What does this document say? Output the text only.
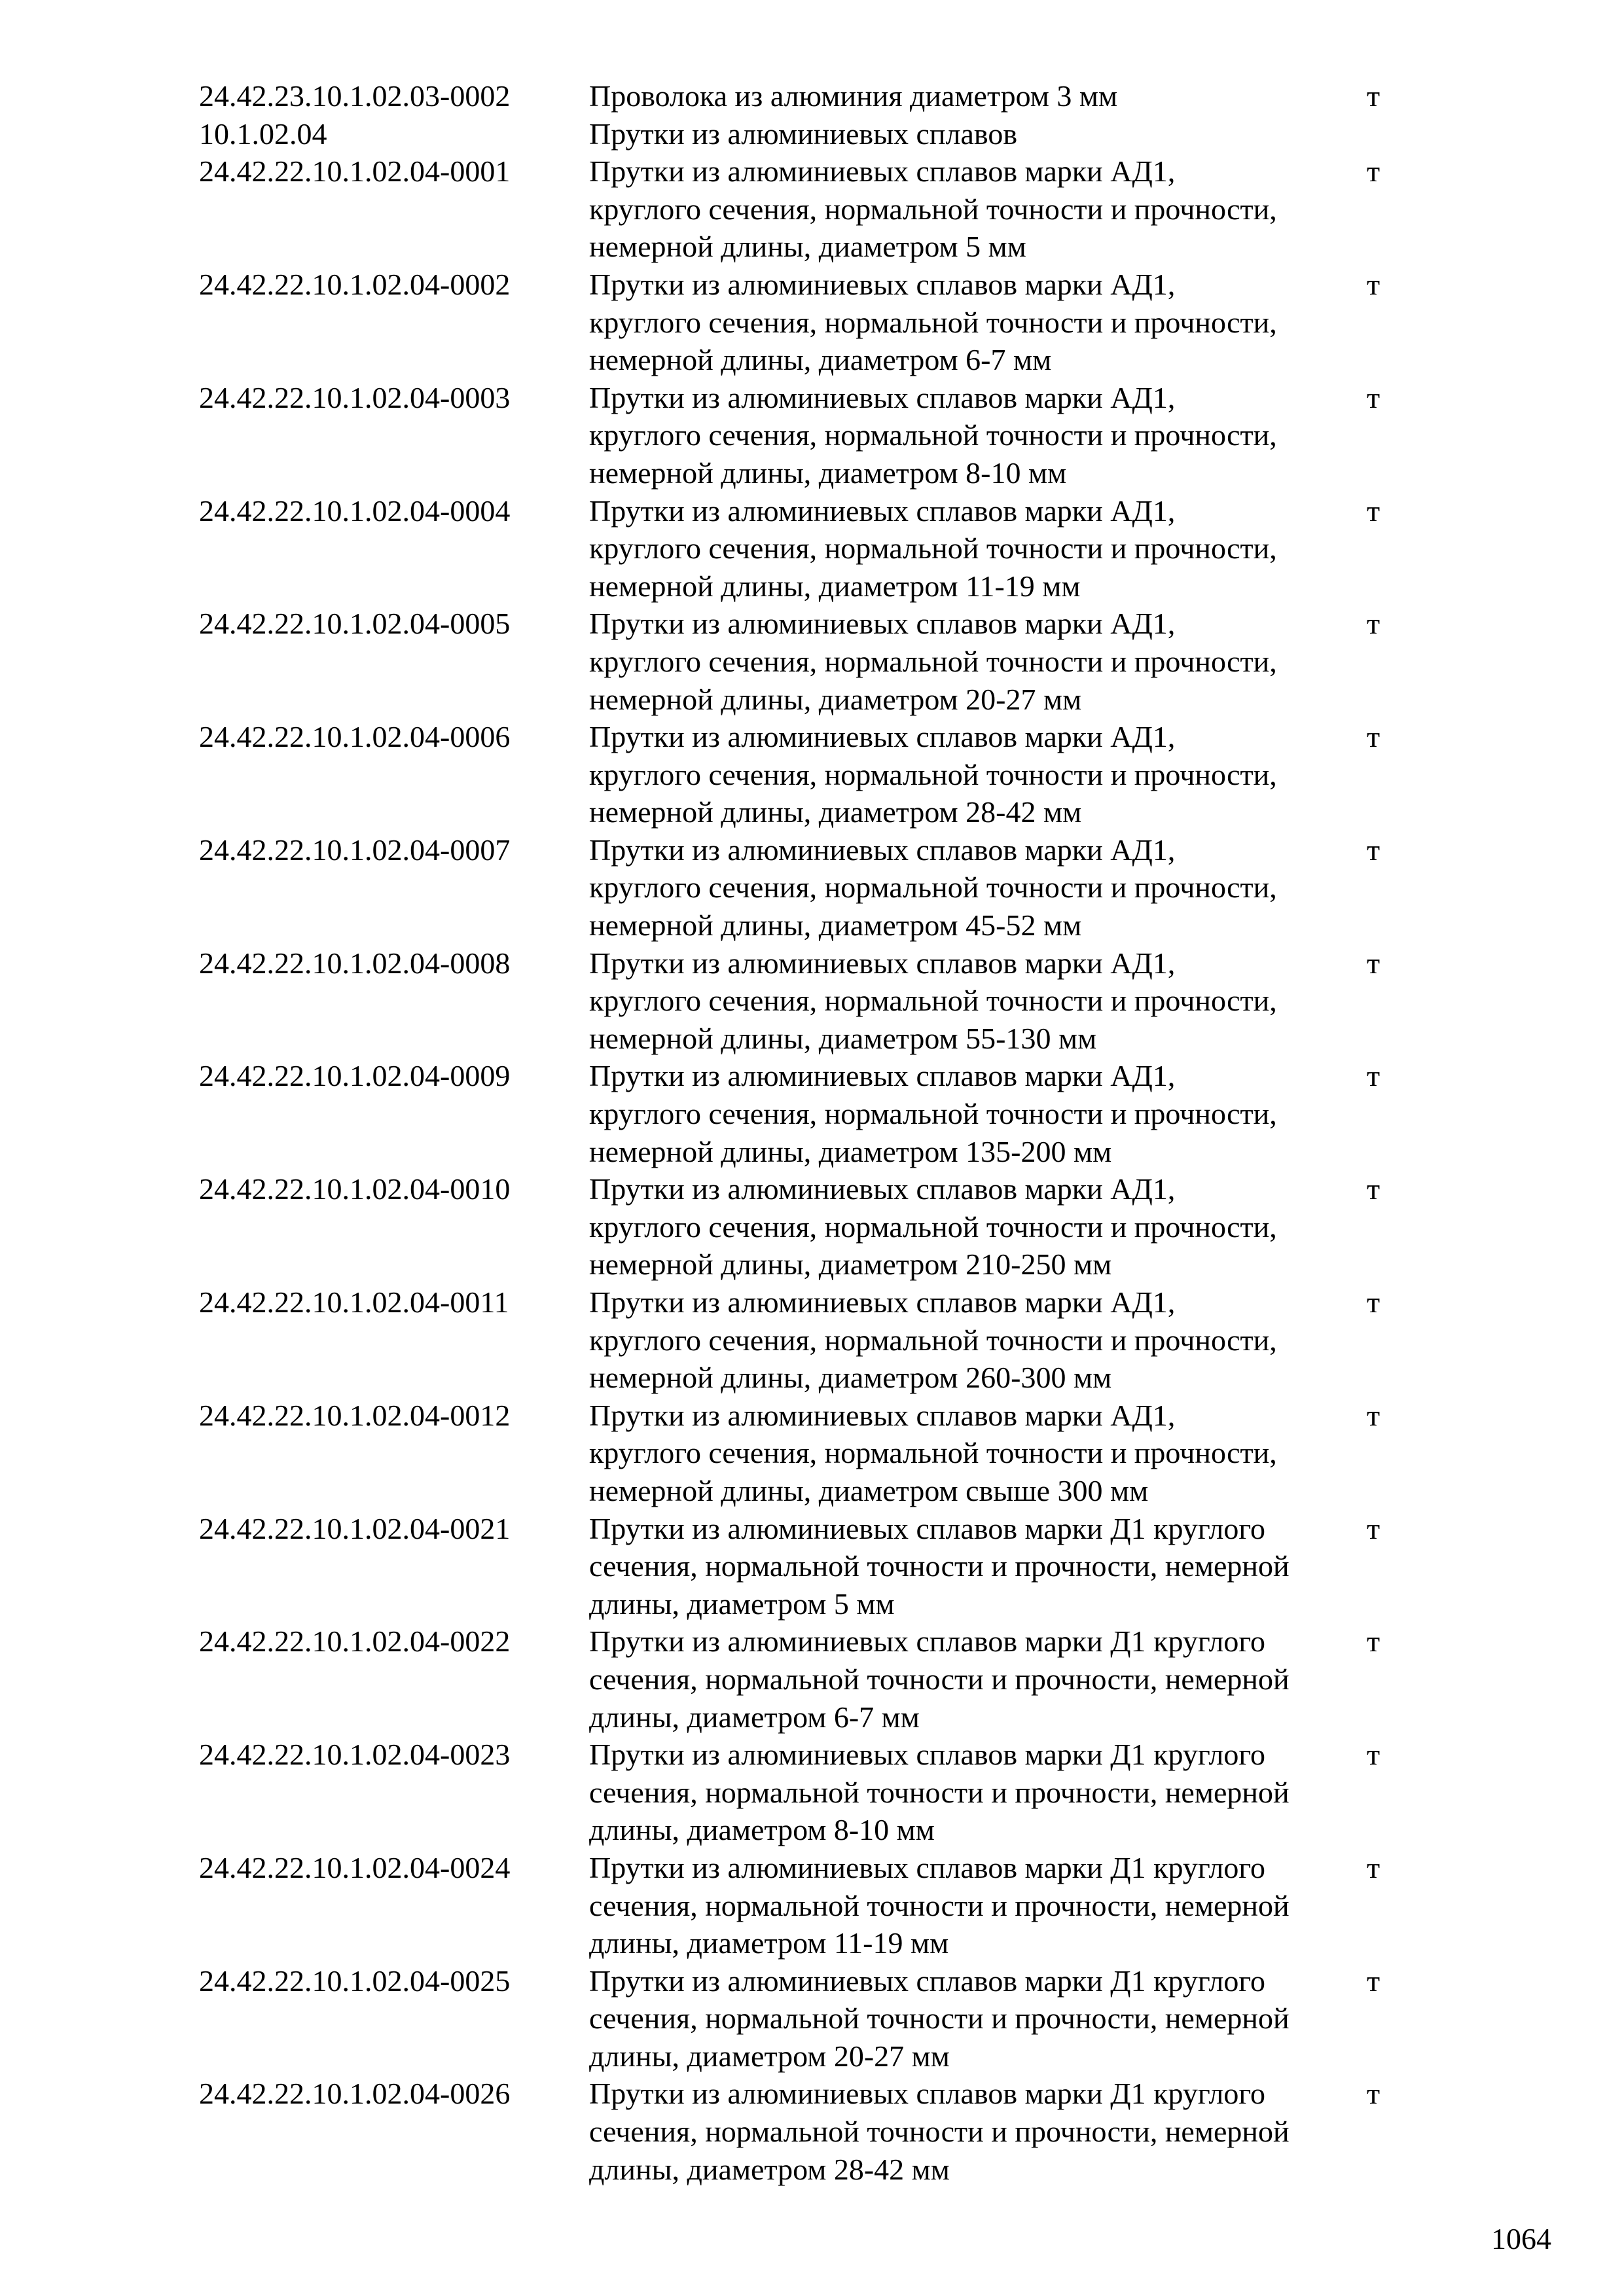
24.42.23.10.1.02.03-0002	Проволока из алюминия диаметром 3 мм	т
10.1.02.04	Прутки из алюминиевых сплавов
24.42.22.10.1.02.04-0001	Прутки из алюминиевых сплавов марки АД1,
круглого сечения, нормальной точности и прочности,
немерной длины, диаметром 5 мм
т
24.42.22.10.1.02.04-0002	Прутки из алюминиевых сплавов марки АД1,
круглого сечения, нормальной точности и прочности,
немерной длины, диаметром 6-7 мм
т
24.42.22.10.1.02.04-0003	Прутки из алюминиевых сплавов марки АД1,
круглого сечения, нормальной точности и прочности,
немерной длины, диаметром 8-10 мм
т
24.42.22.10.1.02.04-0004	Прутки из алюминиевых сплавов марки АД1,
круглого сечения, нормальной точности и прочности,
немерной длины, диаметром 11-19 мм
т
24.42.22.10.1.02.04-0005	Прутки из алюминиевых сплавов марки АД1,
круглого сечения, нормальной точности и прочности,
немерной длины, диаметром 20-27 мм
т
24.42.22.10.1.02.04-0006	Прутки из алюминиевых сплавов марки АД1,
круглого сечения, нормальной точности и прочности,
немерной длины, диаметром 28-42 мм
т
24.42.22.10.1.02.04-0007	Прутки из алюминиевых сплавов марки АД1,
круглого сечения, нормальной точности и прочности,
немерной длины, диаметром 45-52 мм
т
24.42.22.10.1.02.04-0008	Прутки из алюминиевых сплавов марки АД1,
круглого сечения, нормальной точности и прочности,
немерной длины, диаметром 55-130 мм
т
24.42.22.10.1.02.04-0009	Прутки из алюминиевых сплавов марки АД1,
круглого сечения, нормальной точности и прочности,
немерной длины, диаметром 135-200 мм
т
24.42.22.10.1.02.04-0010	Прутки из алюминиевых сплавов марки АД1,
круглого сечения, нормальной точности и прочности,
немерной длины, диаметром 210-250 мм
т
24.42.22.10.1.02.04-0011	Прутки из алюминиевых сплавов марки АД1,
круглого сечения, нормальной точности и прочности,
немерной длины, диаметром 260-300 мм
т
24.42.22.10.1.02.04-0012	Прутки из алюминиевых сплавов марки АД1,
круглого сечения, нормальной точности и прочности,
немерной длины, диаметром свыше 300 мм
т
24.42.22.10.1.02.04-0021	Прутки из алюминиевых сплавов марки Д1 круглого
сечения, нормальной точности и прочности, немерной
длины, диаметром 5 мм
т
24.42.22.10.1.02.04-0022	Прутки из алюминиевых сплавов марки Д1 круглого
сечения, нормальной точности и прочности, немерной
длины, диаметром 6-7 мм
т
24.42.22.10.1.02.04-0023	Прутки из алюминиевых сплавов марки Д1 круглого
сечения, нормальной точности и прочности, немерной
длины, диаметром 8-10 мм
т
24.42.22.10.1.02.04-0024	Прутки из алюминиевых сплавов марки Д1 круглого
сечения, нормальной точности и прочности, немерной
длины, диаметром 11-19 мм
т
24.42.22.10.1.02.04-0025	Прутки из алюминиевых сплавов марки Д1 круглого
сечения, нормальной точности и прочности, немерной
длины, диаметром 20-27 мм
т
24.42.22.10.1.02.04-0026	Прутки из алюминиевых сплавов марки Д1 круглого
сечения, нормальной точности и прочности, немерной
длины, диаметром 28-42 мм
т
1064
